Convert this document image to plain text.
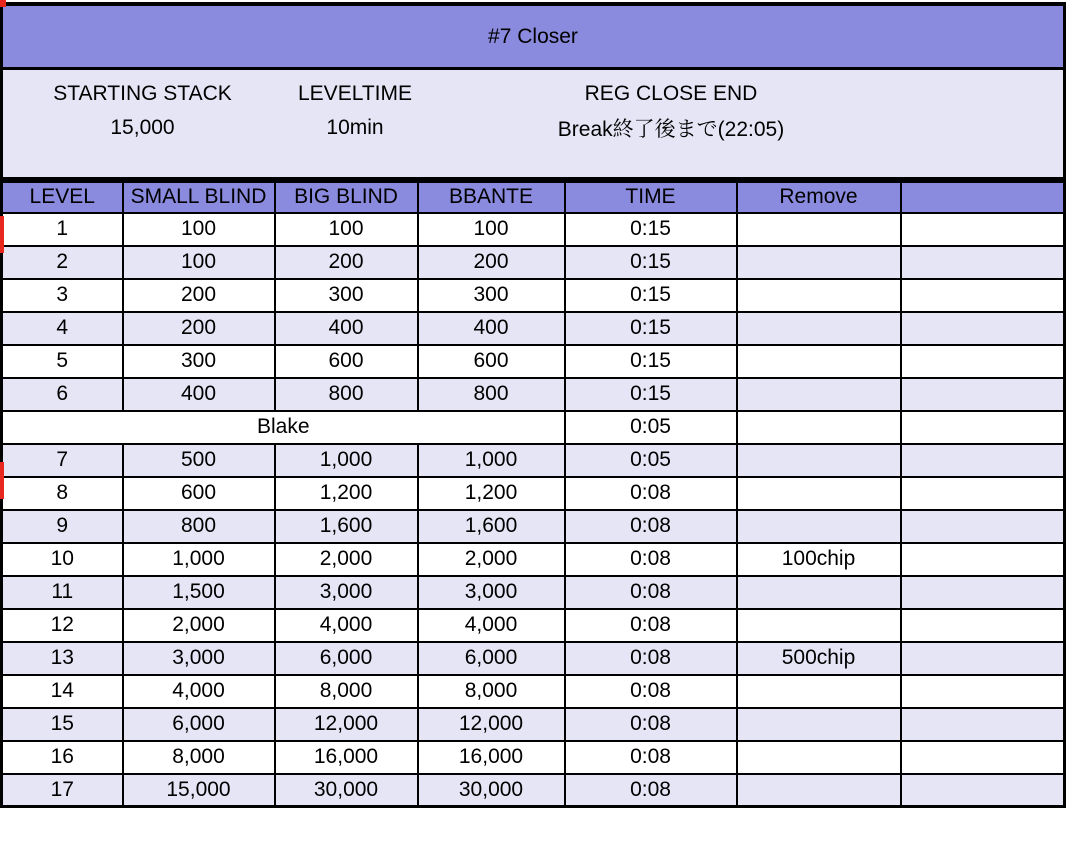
#7 Closer
STARTING STACK	LEVELTIME	REG CLOSE END
15,000	10min	Break終了後まで(22:05)
LEVEL	SMALL BLIND	BIG BLIND	BBANTE	TIME	Remove	
1	100	100	100	0:15		
2	100	200	200	0:15		
3	200	300	300	0:15		
4	200	400	400	0:15		
5	300	600	600	0:15		
6	400	800	800	0:15		
Blake				0:05		
7	500	1,000	1,000	0:05		
8	600	1,200	1,200	0:08		
9	800	1,600	1,600	0:08		
10	1,000	2,000	2,000	0:08	100chip	
11	1,500	3,000	3,000	0:08		
12	2,000	4,000	4,000	0:08		
13	3,000	6,000	6,000	0:08	500chip	
14	4,000	8,000	8,000	0:08		
15	6,000	12,000	12,000	0:08		
16	8,000	16,000	16,000	0:08		
17	15,000	30,000	30,000	0:08		
